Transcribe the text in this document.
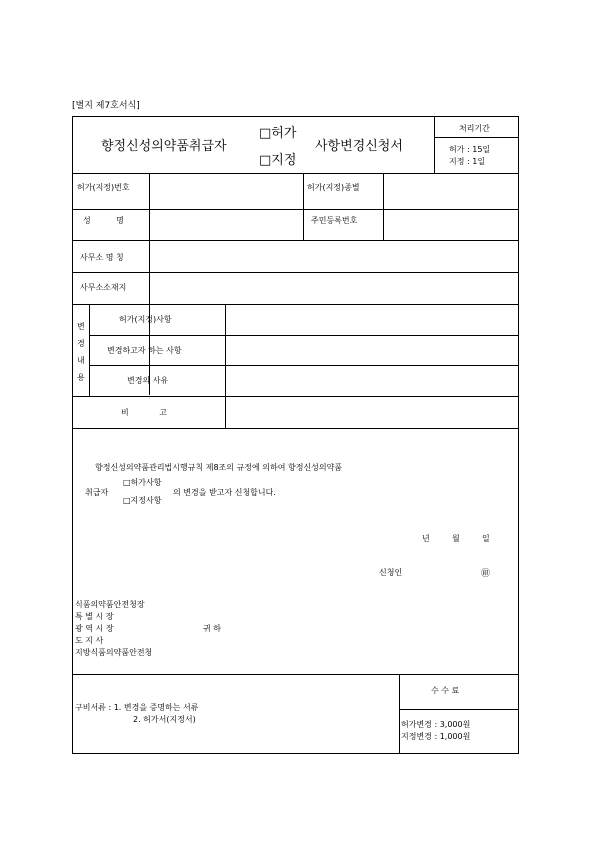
[별지 제7호서식]
향정신성의약품취급자
□허가
□지정
사항변경신청서
처리기간
허가 : 15일
지정 : 1일
허가(지정)번호	허가(지정)종별
성          명	주민등록번호
사무소 명 칭
사무소소재지
변
경
내
용
허가(지정)사항
변경하고자 하는 사항
변경의 사유
비            고
향정신성의약품관리법시행규칙 제8조의 규정에 의하여 향정신성의약품
취급자
□허가사항
□지정사항
의 변경을 받고자 신청합니다.
년	월	일
신청인	㊞
식품의약품안전청장
특 별 시 장
광 역 시 장	귀 하
도 지 사
지방식품의약품안전청
구비서류 : 1. 변경을 증명하는 서류
2. 허가서(지정서)
수 수 료
허가변경 : 3,000원
지정변경 : 1,000원
